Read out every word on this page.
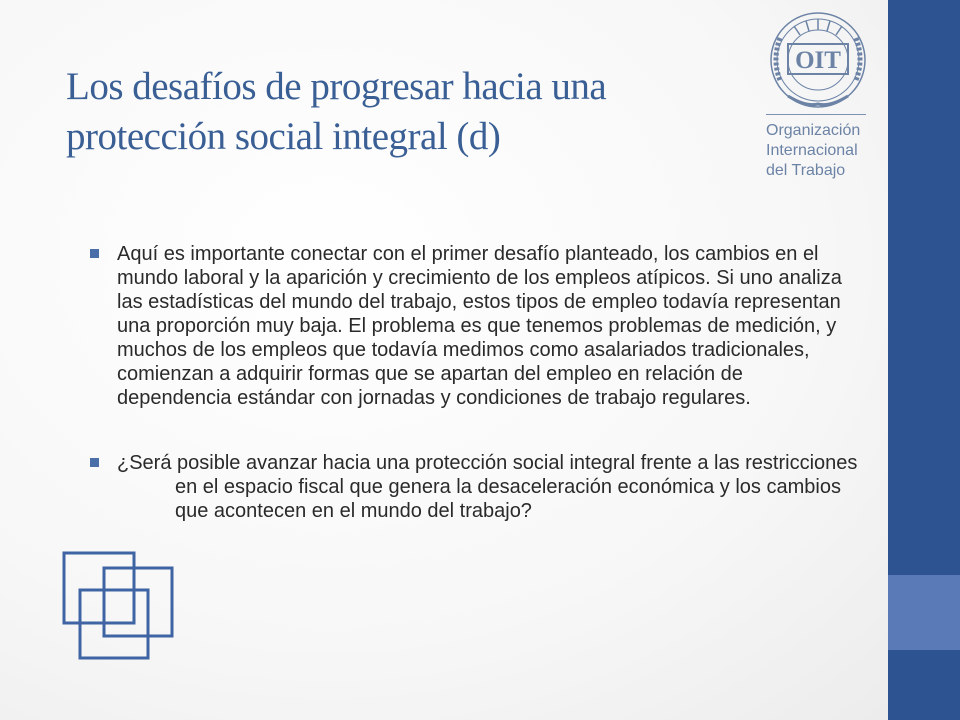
Los desafíos de progresar hacia una protección social integral (d)
OIT
Organización
Internacional
del Trabajo
Aquí es importante conectar con el primer desafío planteado, los cambios en el mundo laboral y la aparición y crecimiento de los empleos atípicos. Si uno analiza las estadísticas del mundo del trabajo, estos tipos de empleo todavía representan una proporción muy baja. El problema es que tenemos problemas de medición, y muchos de los empleos que todavía medimos como asalariados tradicionales, comienzan a adquirir formas que se apartan del empleo en relación de dependencia estándar con jornadas y condiciones de trabajo regulares.
¿Será posible avanzar hacia una protección social integral frente a las restricciones en el espacio fiscal que genera la desaceleración económica y los cambios que acontecen en el mundo del trabajo?
